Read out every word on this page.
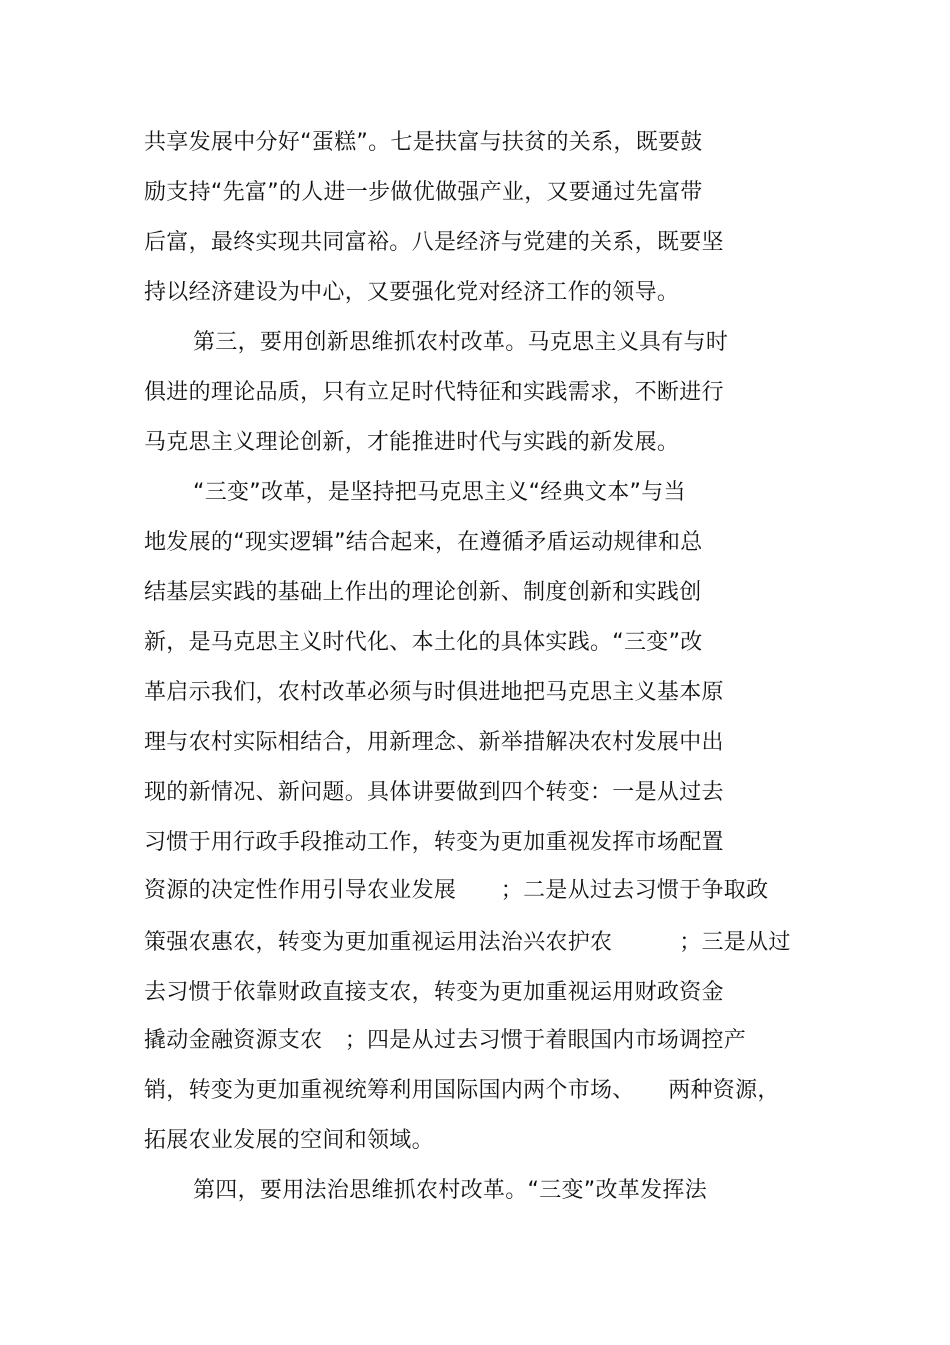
共享发展中分好“蛋糕”。七是扶富与扶贫的关系，既要鼓

励支持“先富”的人进一步做优做强产业，又要通过先富带

后富，最终实现共同富裕。八是经济与党建的关系，既要坚

持以经济建设为中心，又要强化党对经济工作的领导。

第三，要用创新思维抓农村改革。马克思主义具有与时

俱进的理论品质，只有立足时代特征和实践需求，不断进行

马克思主义理论创新，才能推进时代与实践的新发展。

“三变”改革，是坚持把马克思主义“经典文本”与当

地发展的“现实逻辑”结合起来，在遵循矛盾运动规律和总

结基层实践的基础上作出的理论创新、制度创新和实践创

新，是马克思主义时代化、本土化的具体实践。“三变”改

革启示我们，农村改革必须与时俱进地把马克思主义基本原

理与农村实际相结合，用新理念、新举措解决农村发展中出

现的新情况、新问题。具体讲要做到四个转变：一是从过去

习惯于用行政手段推动工作，转变为更加重视发挥市场配置

资源的决定性作用引导农业发展　　；二是从过去习惯于争取政

策强农惠农，转变为更加重视运用法治兴农护农　　　；三是从过

去习惯于依靠财政直接支农，转变为更加重视运用财政资金

撬动金融资源支农　；四是从过去习惯于着眼国内市场调控产

销，转变为更加重视统筹利用国际国内两个市场、　　两种资源，

拓展农业发展的空间和领域。

第四，要用法治思维抓农村改革。“三变”改革发挥法
